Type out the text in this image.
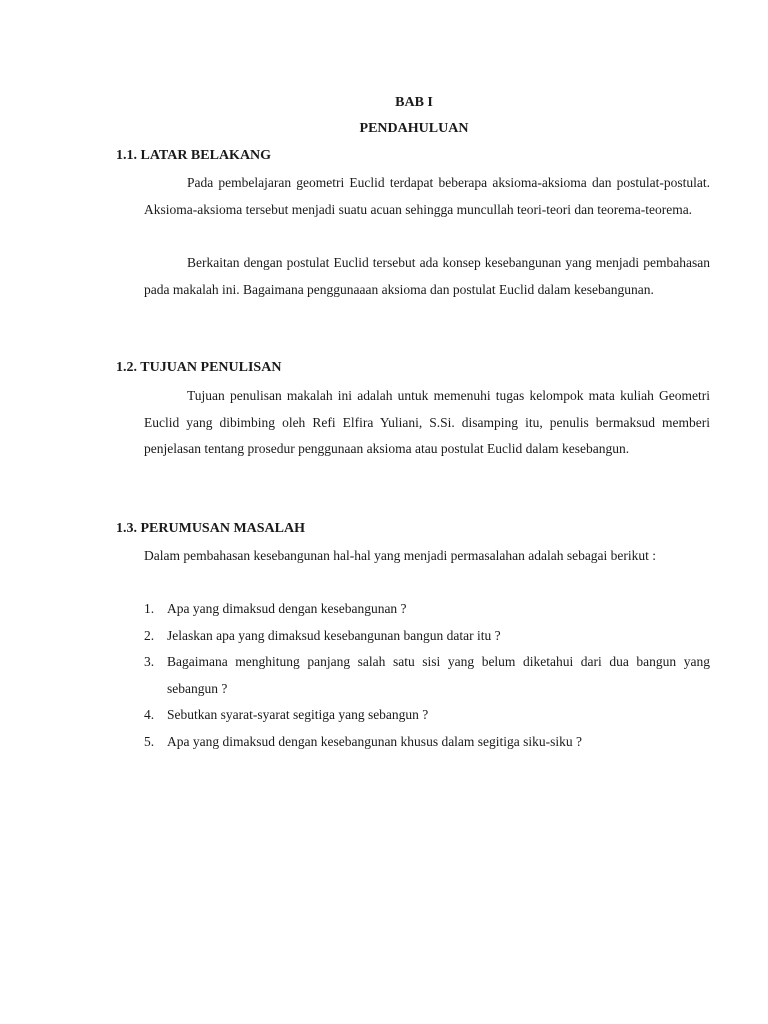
BAB I
PENDAHULUAN
1.1. LATAR BELAKANG

Pada pembelajaran geometri Euclid terdapat beberapa aksioma-aksioma dan postulat-postulat. Aksioma-aksioma tersebut menjadi suatu acuan sehingga muncullah teori-teori dan teorema-teorema.

Berkaitan dengan postulat Euclid tersebut ada konsep kesebangunan yang menjadi pembahasan pada makalah ini. Bagaimana penggunaaan aksioma dan postulat Euclid dalam kesebangunan.

1.2. TUJUAN PENULISAN

Tujuan penulisan makalah ini adalah untuk memenuhi tugas kelompok mata kuliah Geometri Euclid yang dibimbing oleh Refi Elfira Yuliani, S.Si. disamping itu, penulis bermaksud memberi penjelasan tentang prosedur penggunaan aksioma atau postulat Euclid dalam kesebangun.

1.3. PERUMUSAN MASALAH

Dalam pembahasan kesebangunan hal-hal yang menjadi permasalahan adalah sebagai berikut :

1. Apa yang dimaksud dengan kesebangunan ?
2. Jelaskan apa yang dimaksud kesebangunan bangun datar itu ?
3. Bagaimana menghitung panjang salah satu sisi yang belum diketahui dari dua bangun yang sebangun ?
4. Sebutkan syarat-syarat segitiga yang sebangun ?
5. Apa yang dimaksud dengan kesebangunan khusus dalam segitiga siku-siku ?
